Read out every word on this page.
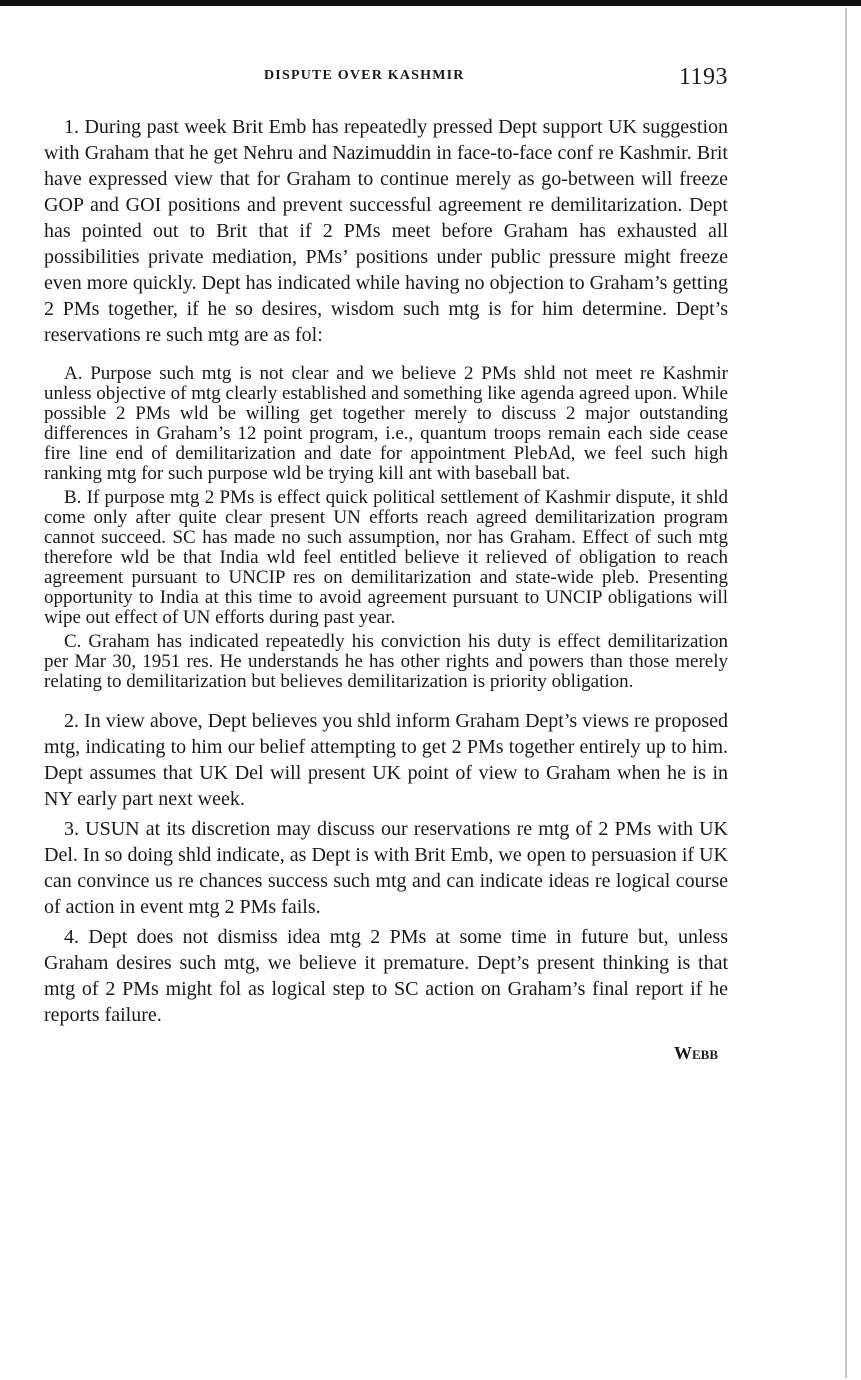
DISPUTE OVER KASHMIR	1193

1. During past week Brit Emb has repeatedly pressed Dept support UK suggestion with Graham that he get Nehru and Nazimuddin in face-to-face conf re Kashmir. Brit have expressed view that for Graham to continue merely as go-between will freeze GOP and GOI positions and prevent successful agreement re demilitarization. Dept has pointed out to Brit that if 2 PMs meet before Graham has exhausted all possibilities private mediation, PMs’ positions under public pressure might freeze even more quickly. Dept has indicated while having no objection to Graham’s getting 2 PMs together, if he so desires, wisdom such mtg is for him determine. Dept’s reservations re such mtg are as fol:

A. Purpose such mtg is not clear and we believe 2 PMs shld not meet re Kashmir unless objective of mtg clearly established and something like agenda agreed upon. While possible 2 PMs wld be willing get together merely to discuss 2 major outstanding differences in Graham’s 12 point program, i.e., quantum troops remain each side cease fire line end of demilitarization and date for appointment PlebAd, we feel such high ranking mtg for such purpose wld be trying kill ant with baseball bat.

B. If purpose mtg 2 PMs is effect quick political settlement of Kashmir dispute, it shld come only after quite clear present UN efforts reach agreed demilitarization program cannot succeed. SC has made no such assumption, nor has Graham. Effect of such mtg therefore wld be that India wld feel entitled believe it relieved of obligation to reach agreement pursuant to UNCIP res on demilitarization and state-wide pleb. Presenting opportunity to India at this time to avoid agreement pursuant to UNCIP obligations will wipe out effect of UN efforts during past year.

C. Graham has indicated repeatedly his conviction his duty is effect demilitarization per Mar 30, 1951 res. He understands he has other rights and powers than those merely relating to demilitarization but believes demilitarization is priority obligation.

2. In view above, Dept believes you shld inform Graham Dept’s views re proposed mtg, indicating to him our belief attempting to get 2 PMs together entirely up to him. Dept assumes that UK Del will present UK point of view to Graham when he is in NY early part next week.

3. USUN at its discretion may discuss our reservations re mtg of 2 PMs with UK Del. In so doing shld indicate, as Dept is with Brit Emb, we open to persuasion if UK can convince us re chances success such mtg and can indicate ideas re logical course of action in event mtg 2 PMs fails.

4. Dept does not dismiss idea mtg 2 PMs at some time in future but, unless Graham desires such mtg, we believe it premature. Dept’s present thinking is that mtg of 2 PMs might fol as logical step to SC action on Graham’s final report if he reports failure.

Webb
